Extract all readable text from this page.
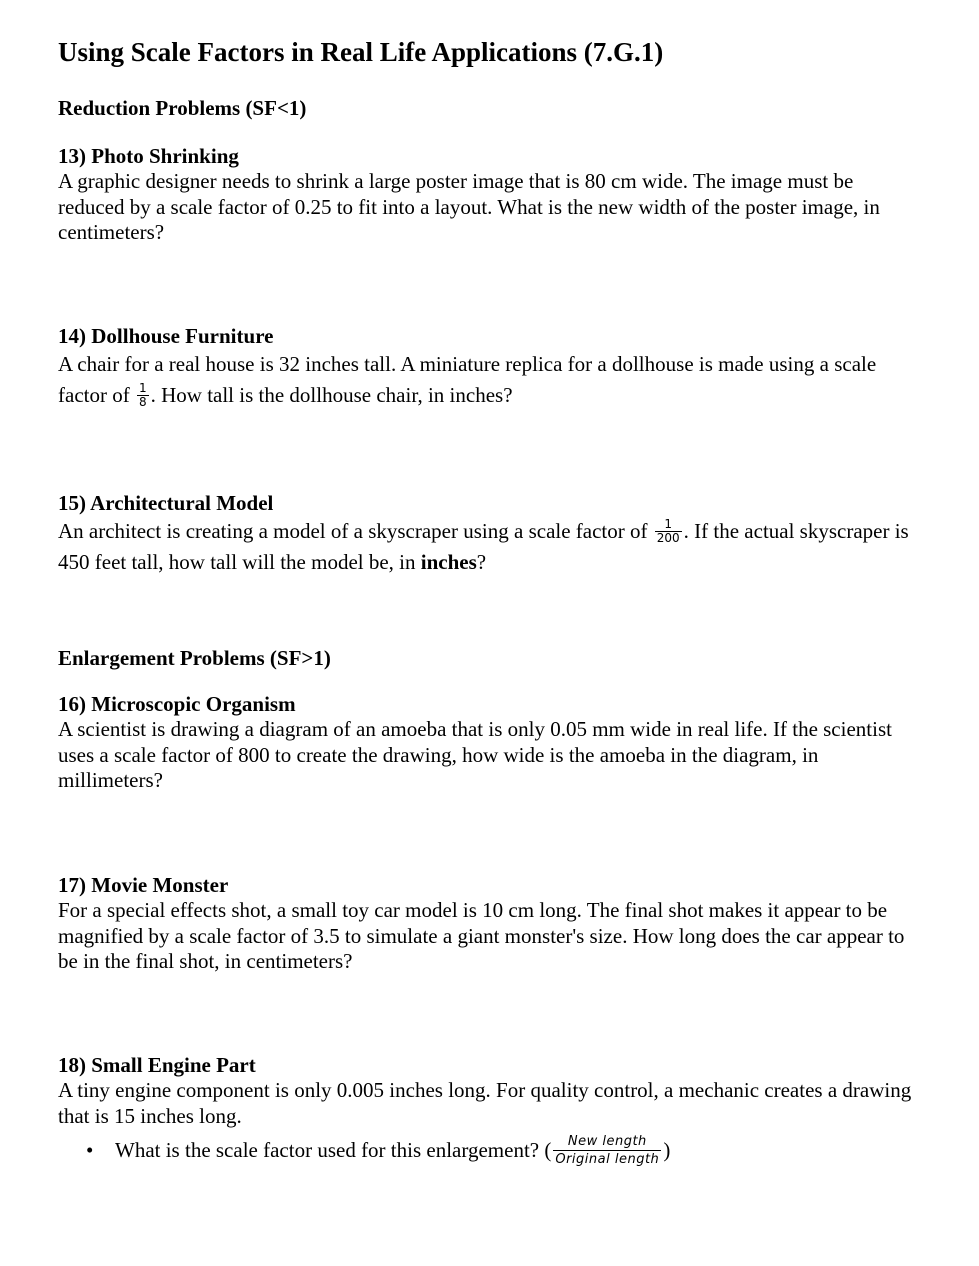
Using Scale Factors in Real Life Applications (7.G.1)
Reduction Problems (SF<1)
13) Photo Shrinking
A graphic designer needs to shrink a large poster image that is 80 cm wide. The image must be reduced by a scale factor of 0.25 to fit into a layout. What is the new width of the poster image, in centimeters?
14) Dollhouse Furniture
A chair for a real house is 32 inches tall. A miniature replica for a dollhouse is made using a scale factor of $\frac{1}{8}$ . How tall is the dollhouse chair, in inches?
15) Architectural Model
An architect is creating a model of a skyscraper using a scale factor of $\frac{1}{200}$ . If the actual skyscraper is 450 feet tall, how tall will the model be, in inches?
Enlargement Problems (SF>1)
16) Microscopic Organism
A scientist is drawing a diagram of an amoeba that is only 0.05 mm wide in real life. If the scientist uses a scale factor of 800 to create the drawing, how wide is the amoeba in the diagram, in millimeters?
17) Movie Monster
For a special effects shot, a small toy car model is 10 cm long. The final shot makes it appear to be magnified by a scale factor of 3.5 to simulate a giant monster's size. How long does the car appear to be in the final shot, in centimeters?
18) Small Engine Part
A tiny engine component is only 0.005 inches long. For quality control, a mechanic creates a drawing that is 15 inches long.
• What is the scale factor used for this enlargement? ( $\frac{\text{New length}}{\text{Original length}}$ )
